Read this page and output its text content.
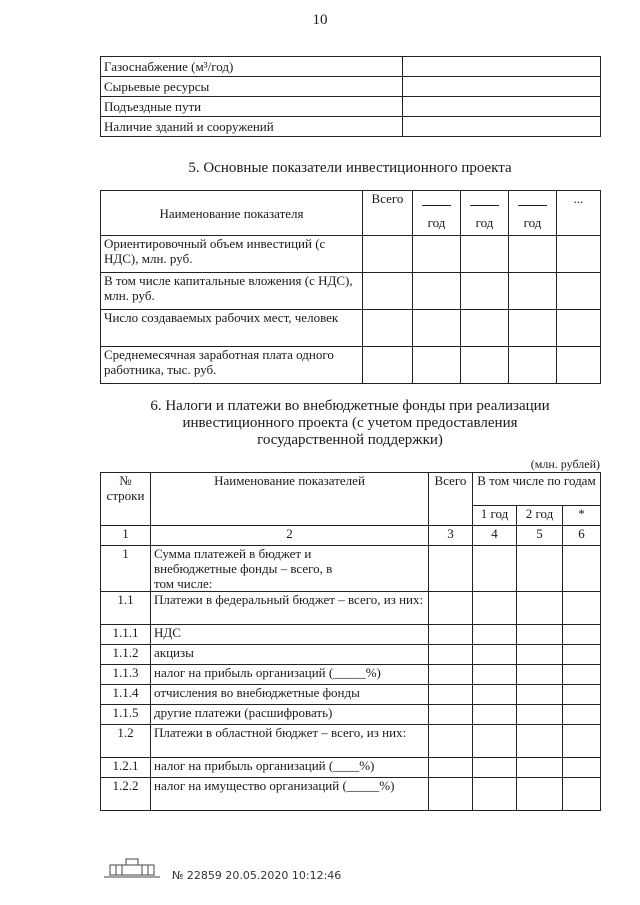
10
Газоснабжение (м³/год)	
Сырьевые ресурсы	
Подъездные пути	
Наличие зданий и сооружений	
5. Основные показатели инвестиционного проекта
Наименование показателя	Всего	год	год	год	...
Ориентировочный объем инвестиций (с НДС), млн. руб.					
В том числе капитальные вложения (с НДС), млн. руб.					
Число создаваемых рабочих мест, человек					
Среднемесячная заработная плата одного работника, тыс. руб.					
6. Налоги и платежи во внебюджетные фонды при реализации
инвестиционного проекта (с учетом предоставления
государственной поддержки)
(млн. рублей)
№ строки	Наименование показателей	Всего	В том числе по годам		
			1 год	2 год	*
1	2	3	4	5	6
1	Сумма платежей в бюджет и внебюджетные фонды – всего, в том числе:				
1.1	Платежи в федеральный бюджет – всего, из них:				
1.1.1	НДС				
1.1.2	акцизы				
1.1.3	налог на прибыль организаций (_____%)				
1.1.4	отчисления во внебюджетные фонды				
1.1.5	другие платежи (расшифровать)				
1.2	Платежи в областной бюджет – всего, из них:				
1.2.1	налог на прибыль организаций (____%)				
1.2.2	налог на имущество организаций (_____%)				
№ 22859 20.05.2020 10:12:46
